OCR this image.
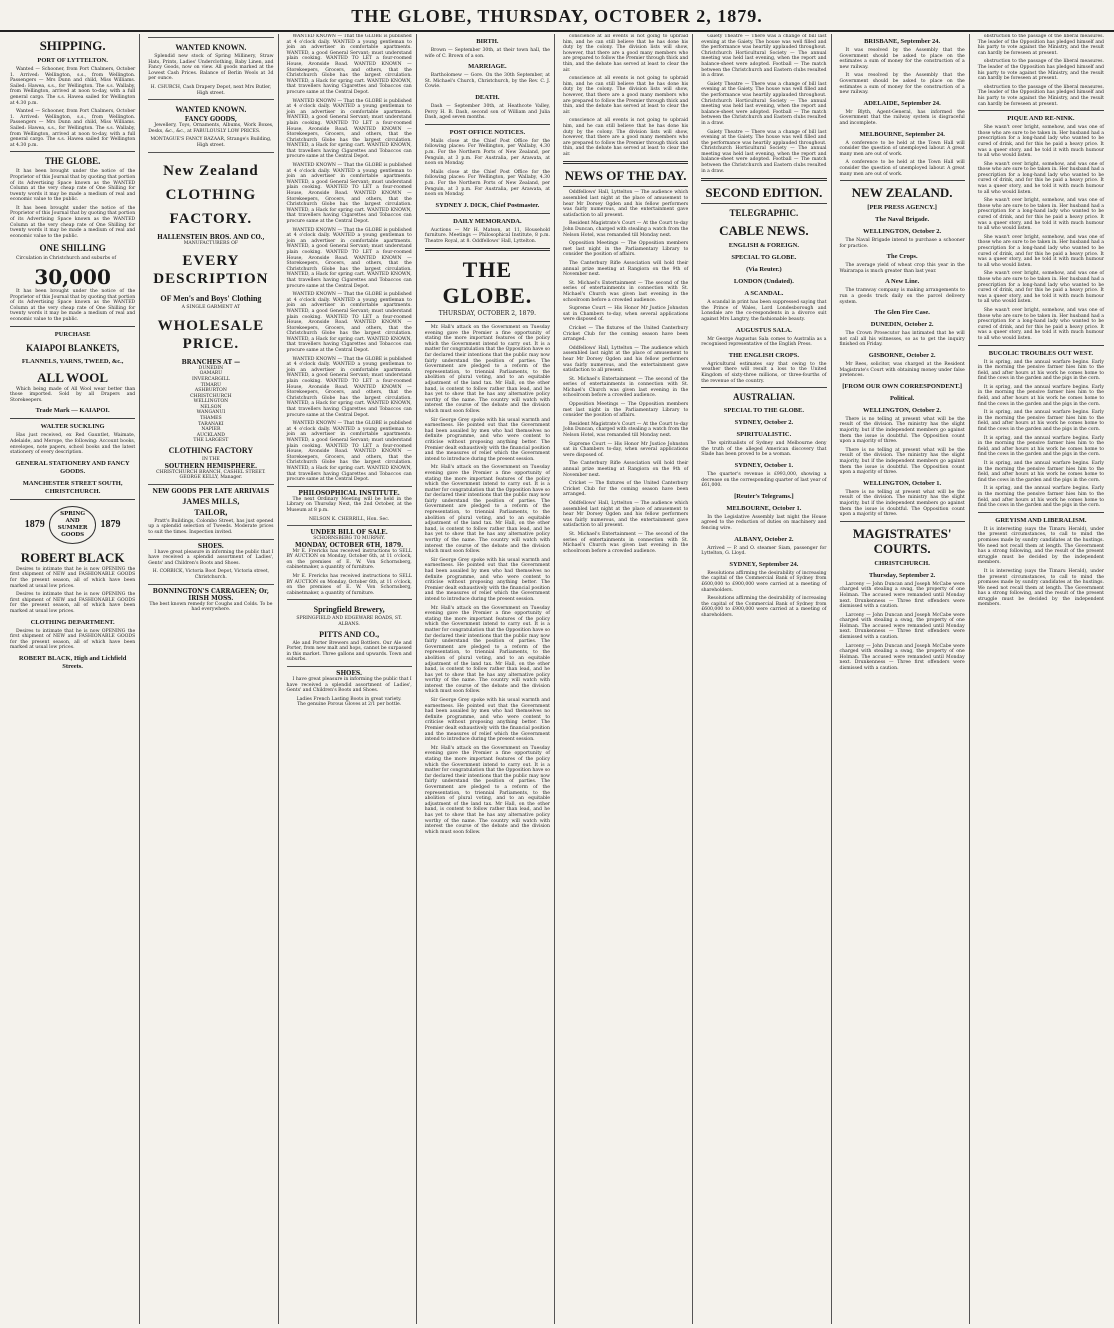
THE GLOBE, THURSDAY, OCTOBER 2, 1879.
SHIPPING.
PORT OF LYTTELTON.

Wanted — Schooner, from Port Chalmers, October 1. Arrived: Wellington, s.s., from Wellington. Passengers — Mrs Dunn and child, Miss Williams. Sailed: Hawea, s.s., for Wellington. The s.s. Wallaby, from Wellington, arrived at noon to-day, with a full general cargo. The s.s. Hawea sailed for Wellington at 4.30 p.m.

Wanted — Schooner, from Port Chalmers, October 1. Arrived: Wellington, s.s., from Wellington. Passengers — Mrs Dunn and child, Miss Williams. Sailed: Hawea, s.s., for Wellington. The s.s. Wallaby, from Wellington, arrived at noon to-day, with a full general cargo. The s.s. Hawea sailed for Wellington at 4.30 p.m.

THE GLOBE.

It has been brought under the notice of the Proprietor of this Journal that by quoting that portion of its Advertising Space known as the WANTED Column at the very cheap rate of One Shilling for twenty words it may be made a medium of real and economic value to the public.

It has been brought under the notice of the Proprietor of this Journal that by quoting that portion of its Advertising Space known as the WANTED Column at the very cheap rate of One Shilling for twenty words it may be made a medium of real and economic value to the public.

ONE SHILLING

Circulation in Christchurch and suburbs of

30,000

It has been brought under the notice of the Proprietor of this Journal that by quoting that portion of its Advertising Space known as the WANTED Column at the very cheap rate of One Shilling for twenty words it may be made a medium of real and economic value to the public.

PURCHASE
KAIAPOI BLANKETS,
FLANNELS, YARNS, TWEED, &c.,
ALL WOOL

Which being made of All Wool wear better than those imported. Sold by all Drapers and Storekeepers.

Trade Mark — KAIAPOI.
WALTER SUCKLING

Has just received, ex Red Gauntlet, Waimate, Adelaide, and Merope, the following: Account books, envelopes, note papers, school books and the latest stationery of every description.

GENERAL STATIONERY AND FANCY GOODS.
MANCHESTER STREET SOUTH, CHRISTCHURCH.
1879
SPRING
AND
SUMMER
GOODS
1879
ROBERT BLACK

Desires to intimate that he is now OPENING the first shipment of NEW and FASHIONABLE GOODS for the present season, all of which have been marked at usual low prices.

Desires to intimate that he is now OPENING the first shipment of NEW and FASHIONABLE GOODS for the present season, all of which have been marked at usual low prices.

CLOTHING DEPARTMENT.

Desires to intimate that he is now OPENING the first shipment of NEW and FASHIONABLE GOODS for the present season, all of which have been marked at usual low prices.

ROBERT BLACK, High and Lichfield Streets.
WANTED KNOWN.

Splendid new stock of Spring Millinery, Straw Hats, Prints, Ladies' Underclothing, Baby Linen, and Fancy Goods, now on view. All goods marked at the Lowest Cash Prices. Balance of Berlin Wools at 3d per ounce.

H. CHURCH, Cash Drapery Depot, next Mrs Butler, High street.
WANTED KNOWN.
FANCY GOODS,

Jewellery, Toys, Ornaments, Albums, Work Boxes, Desks, &c., &c., at FABULOUSLY LOW PRICES.

MONTAGUE'S FANCY BAZAAR, Strange's Building, High street.
New Zealand
CLOTHING
FACTORY.
HALLENSTEIN BROS. AND CO.,
MANUFACTURERS OF
EVERY DESCRIPTION
OF Men's and Boys' Clothing
A SINGLE GARMENT AT
WHOLESALE PRICE.
BRANCHES AT —
DUNEDIN
OAMARU
INVERCARGILL
TIMARU
ASHBURTON
CHRISTCHURCH
WELLINGTON
NELSON
WANGANUI
THAMES
TARANAKI
NAPIER
AUCKLAND
THE LARGEST
CLOTHING FACTORY
IN THE
SOUTHERN HEMISPHERE.
CHRISTCHURCH BRANCH, CASHEL STREET.
GEORGE KELLY, Manager.
NEW GOODS PER LATE ARRIVALS
JAMES MILLS,
TAILOR,

Pratt's Buildings, Colombo Street, has just opened up a splendid selection of Tweeds. Moderate prices to suit the times. Inspection invited.

SHOES.

I have great pleasure in informing the public that I have received a splendid assortment of Ladies', Gents' and Children's Boots and Shoes.

H. CORBICK, Victoria Boot Depot, Victoria street, Christchurch.
BONNINGTON'S CARRAGEEN; Or, IRISH MOSS.
The best known remedy for Coughs and Colds. To be had everywhere.

WANTED KNOWN — That the GLOBE is published at 4 o'clock daily. WANTED a young gentleman to join an advertiser in comfortable apartments. WANTED, a good General Servant; must understand plain cooking. WANTED TO LET a four-roomed House, Avonside Road. WANTED KNOWN — Storekeepers, Grocers, and others, that the Christchurch Globe has the largest circulation. WANTED, a Hack for spring cart. WANTED KNOWN, that travellers having Cigarettes and Tobaccos can procure same at the Central Depot.

WANTED KNOWN — That the GLOBE is published at 4 o'clock daily. WANTED a young gentleman to join an advertiser in comfortable apartments. WANTED, a good General Servant; must understand plain cooking. WANTED TO LET a four-roomed House, Avonside Road. WANTED KNOWN — Storekeepers, Grocers, and others, that the Christchurch Globe has the largest circulation. WANTED, a Hack for spring cart. WANTED KNOWN, that travellers having Cigarettes and Tobaccos can procure same at the Central Depot.

WANTED KNOWN — That the GLOBE is published at 4 o'clock daily. WANTED a young gentleman to join an advertiser in comfortable apartments. WANTED, a good General Servant; must understand plain cooking. WANTED TO LET a four-roomed House, Avonside Road. WANTED KNOWN — Storekeepers, Grocers, and others, that the Christchurch Globe has the largest circulation. WANTED, a Hack for spring cart. WANTED KNOWN, that travellers having Cigarettes and Tobaccos can procure same at the Central Depot.

WANTED KNOWN — That the GLOBE is published at 4 o'clock daily. WANTED a young gentleman to join an advertiser in comfortable apartments. WANTED, a good General Servant; must understand plain cooking. WANTED TO LET a four-roomed House, Avonside Road. WANTED KNOWN — Storekeepers, Grocers, and others, that the Christchurch Globe has the largest circulation. WANTED, a Hack for spring cart. WANTED KNOWN, that travellers having Cigarettes and Tobaccos can procure same at the Central Depot.

WANTED KNOWN — That the GLOBE is published at 4 o'clock daily. WANTED a young gentleman to join an advertiser in comfortable apartments. WANTED, a good General Servant; must understand plain cooking. WANTED TO LET a four-roomed House, Avonside Road. WANTED KNOWN — Storekeepers, Grocers, and others, that the Christchurch Globe has the largest circulation. WANTED, a Hack for spring cart. WANTED KNOWN, that travellers having Cigarettes and Tobaccos can procure same at the Central Depot.

WANTED KNOWN — That the GLOBE is published at 4 o'clock daily. WANTED a young gentleman to join an advertiser in comfortable apartments. WANTED, a good General Servant; must understand plain cooking. WANTED TO LET a four-roomed House, Avonside Road. WANTED KNOWN — Storekeepers, Grocers, and others, that the Christchurch Globe has the largest circulation. WANTED, a Hack for spring cart. WANTED KNOWN, that travellers having Cigarettes and Tobaccos can procure same at the Central Depot.

WANTED KNOWN — That the GLOBE is published at 4 o'clock daily. WANTED a young gentleman to join an advertiser in comfortable apartments. WANTED, a good General Servant; must understand plain cooking. WANTED TO LET a four-roomed House, Avonside Road. WANTED KNOWN — Storekeepers, Grocers, and others, that the Christchurch Globe has the largest circulation. WANTED, a Hack for spring cart. WANTED KNOWN, that travellers having Cigarettes and Tobaccos can procure same at the Central Depot.

PHILOSOPHICAL INSTITUTE.

The next Ordinary Meeting will be held in the Library on Thursday Next, the 2nd October, at the Museum at 8 p.m.

NELSON K. CHERRILL, Hon. Sec.
UNDER BILL OF SALE.
SCHORNSBERG TO MURPHY.
MONDAY, OCTOBER 6TH, 1879.

Mr E. Frericks has received instructions to SELL BY AUCTION on Monday, October 6th, at 11 o'clock, on the premises of E. W. Von Schornsberg, cabinetmaker, a quantity of furniture.

Mr E. Frericks has received instructions to SELL BY AUCTION on Monday, October 6th, at 11 o'clock, on the premises of E. W. Von Schornsberg, cabinetmaker, a quantity of furniture.

Springfield Brewery,
SPRINGFIELD AND EDGEWARE ROADS, ST. ALBANS.
PITTS AND CO.,

Ale and Porter Brewers and Bottlers. Our Ale and Porter, from new malt and hops, cannot be surpassed in this market. Three gallons and upwards. Town and suburbs.

SHOES.

I have great pleasure in informing the public that I have received a splendid assortment of Ladies', Gents' and Children's Boots and Shoes.

Ladies French Lasting Boots in great variety.
The genuine Porous Gloves at 2/1 per bottle.
BIRTH.

Brown — September 30th, at their town hall, the wife of C. Brown of a son.

MARRIAGE.

Bartholomew — Gore. On the 30th September, at St. Michael's Church, Christchurch, by the Rev. C. J. Cowie.

DEATH.

Dash — September 30th, at Heathcote Valley, Percy H. B. Dash, second son of William and Julia Dash, aged seven months.

POST OFFICE NOTICES.

Mails close at the Chief Post Office for the following places: For Wellington, per Wallaby, 4.30 p.m. For the Northern Ports of New Zealand, per Penguin, at 3 p.m. For Australia, per Arawata, at noon on Monday.

Mails close at the Chief Post Office for the following places: For Wellington, per Wallaby, 4.30 p.m. For the Northern Ports of New Zealand, per Penguin, at 3 p.m. For Australia, per Arawata, at noon on Monday.

SYDNEY J. DICK, Chief Postmaster.
DAILY MEMORANDA.

Auctions — Mr H. Matson, at 11, Household furniture. Meetings — Philosophical Institute, 8 p.m. Theatre Royal, at 8. Oddfellows' Hall, Lyttelton.

THE GLOBE.
THURSDAY, OCTOBER 2, 1879.

Mr. Hall's attack on the Government on Tuesday evening gave the Premier a fine opportunity of stating the more important features of the policy which the Government intend to carry out. It is a matter for congratulation that the Opposition have so far declared their intentions that the public may now fairly understand the position of parties. The Government are pledged to a reform of the representation, to triennial Parliaments, to the abolition of plural voting, and to an equitable adjustment of the land tax. Mr Hall, on the other hand, is content to follow rather than lead, and he has yet to show that he has any alternative policy worthy of the name. The country will watch with interest the course of the debate and the division which must soon follow.

Sir George Grey spoke with his usual warmth and earnestness. He pointed out that the Government had been assailed by men who had themselves no definite programme, and who were content to criticise without proposing anything better. The Premier dealt exhaustively with the financial position and the measures of relief which the Government intend to introduce during the present session.

Mr. Hall's attack on the Government on Tuesday evening gave the Premier a fine opportunity of stating the more important features of the policy which the Government intend to carry out. It is a matter for congratulation that the Opposition have so far declared their intentions that the public may now fairly understand the position of parties. The Government are pledged to a reform of the representation, to triennial Parliaments, to the abolition of plural voting, and to an equitable adjustment of the land tax. Mr Hall, on the other hand, is content to follow rather than lead, and he has yet to show that he has any alternative policy worthy of the name. The country will watch with interest the course of the debate and the division which must soon follow.

Sir George Grey spoke with his usual warmth and earnestness. He pointed out that the Government had been assailed by men who had themselves no definite programme, and who were content to criticise without proposing anything better. The Premier dealt exhaustively with the financial position and the measures of relief which the Government intend to introduce during the present session.

Mr. Hall's attack on the Government on Tuesday evening gave the Premier a fine opportunity of stating the more important features of the policy which the Government intend to carry out. It is a matter for congratulation that the Opposition have so far declared their intentions that the public may now fairly understand the position of parties. The Government are pledged to a reform of the representation, to triennial Parliaments, to the abolition of plural voting, and to an equitable adjustment of the land tax. Mr Hall, on the other hand, is content to follow rather than lead, and he has yet to show that he has any alternative policy worthy of the name. The country will watch with interest the course of the debate and the division which must soon follow.

Sir George Grey spoke with his usual warmth and earnestness. He pointed out that the Government had been assailed by men who had themselves no definite programme, and who were content to criticise without proposing anything better. The Premier dealt exhaustively with the financial position and the measures of relief which the Government intend to introduce during the present session.

Mr. Hall's attack on the Government on Tuesday evening gave the Premier a fine opportunity of stating the more important features of the policy which the Government intend to carry out. It is a matter for congratulation that the Opposition have so far declared their intentions that the public may now fairly understand the position of parties. The Government are pledged to a reform of the representation, to triennial Parliaments, to the abolition of plural voting, and to an equitable adjustment of the land tax. Mr Hall, on the other hand, is content to follow rather than lead, and he has yet to show that he has any alternative policy worthy of the name. The country will watch with interest the course of the debate and the division which must soon follow.

conscience at all events is not going to upbraid him, and he can still believe that he has done his duty by the colony. The division lists will show, however, that there are a good many members who are prepared to follow the Premier through thick and thin, and the debate has served at least to clear the air.

conscience at all events is not going to upbraid him, and he can still believe that he has done his duty by the colony. The division lists will show, however, that there are a good many members who are prepared to follow the Premier through thick and thin, and the debate has served at least to clear the air.

conscience at all events is not going to upbraid him, and he can still believe that he has done his duty by the colony. The division lists will show, however, that there are a good many members who are prepared to follow the Premier through thick and thin, and the debate has served at least to clear the air.

NEWS OF THE DAY.

Oddfellows' Hall, Lyttelton — The audience which assembled last night at the place of amusement to hear Mr Dorsey Ogden and his fellow performers was fairly numerous, and the entertainment gave satisfaction to all present.

Resident Magistrate's Court — At the Court to-day John Duncan, charged with stealing a watch from the Nelson Hotel, was remanded till Monday next.

Opposition Meetings — The Opposition members met last night in the Parliamentary Library to consider the position of affairs.

The Canterbury Rifle Association will hold their annual prize meeting at Rangiora on the 9th of November next.

St. Michael's Entertainment — The second of the series of entertainments in connection with St. Michael's Church was given last evening in the schoolroom before a crowded audience.

Supreme Court — His Honor Mr Justice Johnston sat in Chambers to-day, when several applications were disposed of.

Cricket — The fixtures of the United Canterbury Cricket Club for the coming season have been arranged.

Oddfellows' Hall, Lyttelton — The audience which assembled last night at the place of amusement to hear Mr Dorsey Ogden and his fellow performers was fairly numerous, and the entertainment gave satisfaction to all present.

St. Michael's Entertainment — The second of the series of entertainments in connection with St. Michael's Church was given last evening in the schoolroom before a crowded audience.

Opposition Meetings — The Opposition members met last night in the Parliamentary Library to consider the position of affairs.

Resident Magistrate's Court — At the Court to-day John Duncan, charged with stealing a watch from the Nelson Hotel, was remanded till Monday next.

Supreme Court — His Honor Mr Justice Johnston sat in Chambers to-day, when several applications were disposed of.

The Canterbury Rifle Association will hold their annual prize meeting at Rangiora on the 9th of November next.

Cricket — The fixtures of the United Canterbury Cricket Club for the coming season have been arranged.

Oddfellows' Hall, Lyttelton — The audience which assembled last night at the place of amusement to hear Mr Dorsey Ogden and his fellow performers was fairly numerous, and the entertainment gave satisfaction to all present.

St. Michael's Entertainment — The second of the series of entertainments in connection with St. Michael's Church was given last evening in the schoolroom before a crowded audience.

Gaiety Theatre — There was a change of bill last evening at the Gaiety. The house was well filled and the performance was heartily applauded throughout. Christchurch Horticultural Society — The annual meeting was held last evening, when the report and balance-sheet were adopted. Football — The match between the Christchurch and Eastern clubs resulted in a draw.

Gaiety Theatre — There was a change of bill last evening at the Gaiety. The house was well filled and the performance was heartily applauded throughout. Christchurch Horticultural Society — The annual meeting was held last evening, when the report and balance-sheet were adopted. Football — The match between the Christchurch and Eastern clubs resulted in a draw.

Gaiety Theatre — There was a change of bill last evening at the Gaiety. The house was well filled and the performance was heartily applauded throughout. Christchurch Horticultural Society — The annual meeting was held last evening, when the report and balance-sheet were adopted. Football — The match between the Christchurch and Eastern clubs resulted in a draw.

SECOND EDITION.
TELEGRAPHIC.
CABLE NEWS.
ENGLISH & FOREIGN.
SPECIAL TO GLOBE.
(Via Reuter.)
LONDON (Undated).
A SCANDAL.

A scandal in print has been suppressed saying that the Prince of Wales, Lord Londesborough and Lonsdale are the co-respondents in a divorce suit against Mrs Langtry, the fashionable beauty.

AUGUSTUS SALA.

Mr George Augustus Sala comes to Australia as a recognised representative of the English Press.

THE ENGLISH CROPS.

Agricultural estimates say that owing to the weather there will result a loss to the United Kingdom of sixty-three millions, or three-fourths of the revenue of the country.

AUSTRALIAN.
SPECIAL TO THE GLOBE.
SYDNEY, October 2.
SPIRITUALISTIC.

The spiritualists of Sydney and Melbourne deny the truth of the alleged American discovery that Slade has been proved to be a woman.

SYDNEY, October 1.

The quarter's revenue is £993,000, showing a decrease on the corresponding quarter of last year of £61,000.

[Reuter's Telegrams.]
MELBOURNE, October 1.

In the Legislative Assembly last night the House agreed to the reduction of duties on machinery and fencing wire.

ALBANY, October 2.

Arrived — P. and O. steamer Siam, passenger for Lyttelton, G. Lloyd.

SYDNEY, September 24.

Resolutions affirming the desirability of increasing the capital of the Commercial Bank of Sydney from £600,000 to £900,000 were carried at a meeting of shareholders.

Resolutions affirming the desirability of increasing the capital of the Commercial Bank of Sydney from £600,000 to £900,000 were carried at a meeting of shareholders.

BRISBANE, September 24.

It was resolved by the Assembly that the Government should be asked to place on the estimates a sum of money for the construction of a new railway.

It was resolved by the Assembly that the Government should be asked to place on the estimates a sum of money for the construction of a new railway.

ADELAIDE, September 24.

Mr Blyth, Agent-General, has informed the Government that the railway system is disgraceful and incomplete.

MELBOURNE, September 24.

A conference to be held at the Town Hall will consider the question of unemployed labour. A great many men are out of work.

A conference to be held at the Town Hall will consider the question of unemployed labour. A great many men are out of work.

NEW ZEALAND.
[PER PRESS AGENCY.]
The Naval Brigade.
WELLINGTON, October 2.

The Naval Brigade intend to purchase a schooner for practice.

The Crops.

The average yield of wheat crop this year in the Wairarapa is much greater than last year.

A New Line.

The tramway company is making arrangements to run a goods truck daily on the parcel delivery system.

The Glen Fire Case.
DUNEDIN, October 2.

The Crown Prosecutor has intimated that he will not call all his witnesses, so as to get the inquiry finished on Friday.

GISBORNE, October 2.

Mr Rees, solicitor, was charged at the Resident Magistrate's Court with obtaining money under false pretences.

[FROM OUR OWN CORRESPONDENT.]
Political.
WELLINGTON, October 2.

There is no telling at present what will be the result of the division. The ministry has the slight majority, but if the independent members go against them the issue is doubtful. The Opposition count upon a majority of three.

There is no telling at present what will be the result of the division. The ministry has the slight majority, but if the independent members go against them the issue is doubtful. The Opposition count upon a majority of three.

WELLINGTON, October 1.

There is no telling at present what will be the result of the division. The ministry has the slight majority, but if the independent members go against them the issue is doubtful. The Opposition count upon a majority of three.

MAGISTRATES' COURTS.
CHRISTCHURCH.
Thursday, September 2.

Larceny — John Duncan and Joseph McCabe were charged with stealing a swag, the property of one Holman. The accused were remanded until Monday next. Drunkenness — Three first offenders were dismissed with a caution.

Larceny — John Duncan and Joseph McCabe were charged with stealing a swag, the property of one Holman. The accused were remanded until Monday next. Drunkenness — Three first offenders were dismissed with a caution.

Larceny — John Duncan and Joseph McCabe were charged with stealing a swag, the property of one Holman. The accused were remanded until Monday next. Drunkenness — Three first offenders were dismissed with a caution.

obstruction to the passage of the liberal measures. The leader of the Opposition has pledged himself and his party to vote against the Ministry, and the result can hardly be foreseen at present.

obstruction to the passage of the liberal measures. The leader of the Opposition has pledged himself and his party to vote against the Ministry, and the result can hardly be foreseen at present.

obstruction to the passage of the liberal measures. The leader of the Opposition has pledged himself and his party to vote against the Ministry, and the result can hardly be foreseen at present.

PIQUE AND RE-NINK.

She wasn't over bright, somehow, and was one of those who are sure to be taken in. Her husband had a prescription for a long-hand lady who wanted to be cured of drink, and for this he paid a heavy price. It was a queer story, and he told it with much humour to all who would listen.

She wasn't over bright, somehow, and was one of those who are sure to be taken in. Her husband had a prescription for a long-hand lady who wanted to be cured of drink, and for this he paid a heavy price. It was a queer story, and he told it with much humour to all who would listen.

She wasn't over bright, somehow, and was one of those who are sure to be taken in. Her husband had a prescription for a long-hand lady who wanted to be cured of drink, and for this he paid a heavy price. It was a queer story, and he told it with much humour to all who would listen.

She wasn't over bright, somehow, and was one of those who are sure to be taken in. Her husband had a prescription for a long-hand lady who wanted to be cured of drink, and for this he paid a heavy price. It was a queer story, and he told it with much humour to all who would listen.

She wasn't over bright, somehow, and was one of those who are sure to be taken in. Her husband had a prescription for a long-hand lady who wanted to be cured of drink, and for this he paid a heavy price. It was a queer story, and he told it with much humour to all who would listen.

She wasn't over bright, somehow, and was one of those who are sure to be taken in. Her husband had a prescription for a long-hand lady who wanted to be cured of drink, and for this he paid a heavy price. It was a queer story, and he told it with much humour to all who would listen.

BUCOLIC TROUBLES OUT WEST.

It is spring, and the annual warfare begins. Early in the morning the pensive farmer hies him to the field, and after hours at his work he comes home to find the cows in the garden and the pigs in the corn.

It is spring, and the annual warfare begins. Early in the morning the pensive farmer hies him to the field, and after hours at his work he comes home to find the cows in the garden and the pigs in the corn.

It is spring, and the annual warfare begins. Early in the morning the pensive farmer hies him to the field, and after hours at his work he comes home to find the cows in the garden and the pigs in the corn.

It is spring, and the annual warfare begins. Early in the morning the pensive farmer hies him to the field, and after hours at his work he comes home to find the cows in the garden and the pigs in the corn.

It is spring, and the annual warfare begins. Early in the morning the pensive farmer hies him to the field, and after hours at his work he comes home to find the cows in the garden and the pigs in the corn.

It is spring, and the annual warfare begins. Early in the morning the pensive farmer hies him to the field, and after hours at his work he comes home to find the cows in the garden and the pigs in the corn.

GREYISM AND LIBERALISM.

It is interesting (says the Timaru Herald), under the present circumstances, to call to mind the promises made by sundry candidates at the hustings. We need not recall them at length. The Government has a strong following, and the result of the present struggle must be decided by the independent members.

It is interesting (says the Timaru Herald), under the present circumstances, to call to mind the promises made by sundry candidates at the hustings. We need not recall them at length. The Government has a strong following, and the result of the present struggle must be decided by the independent members.
